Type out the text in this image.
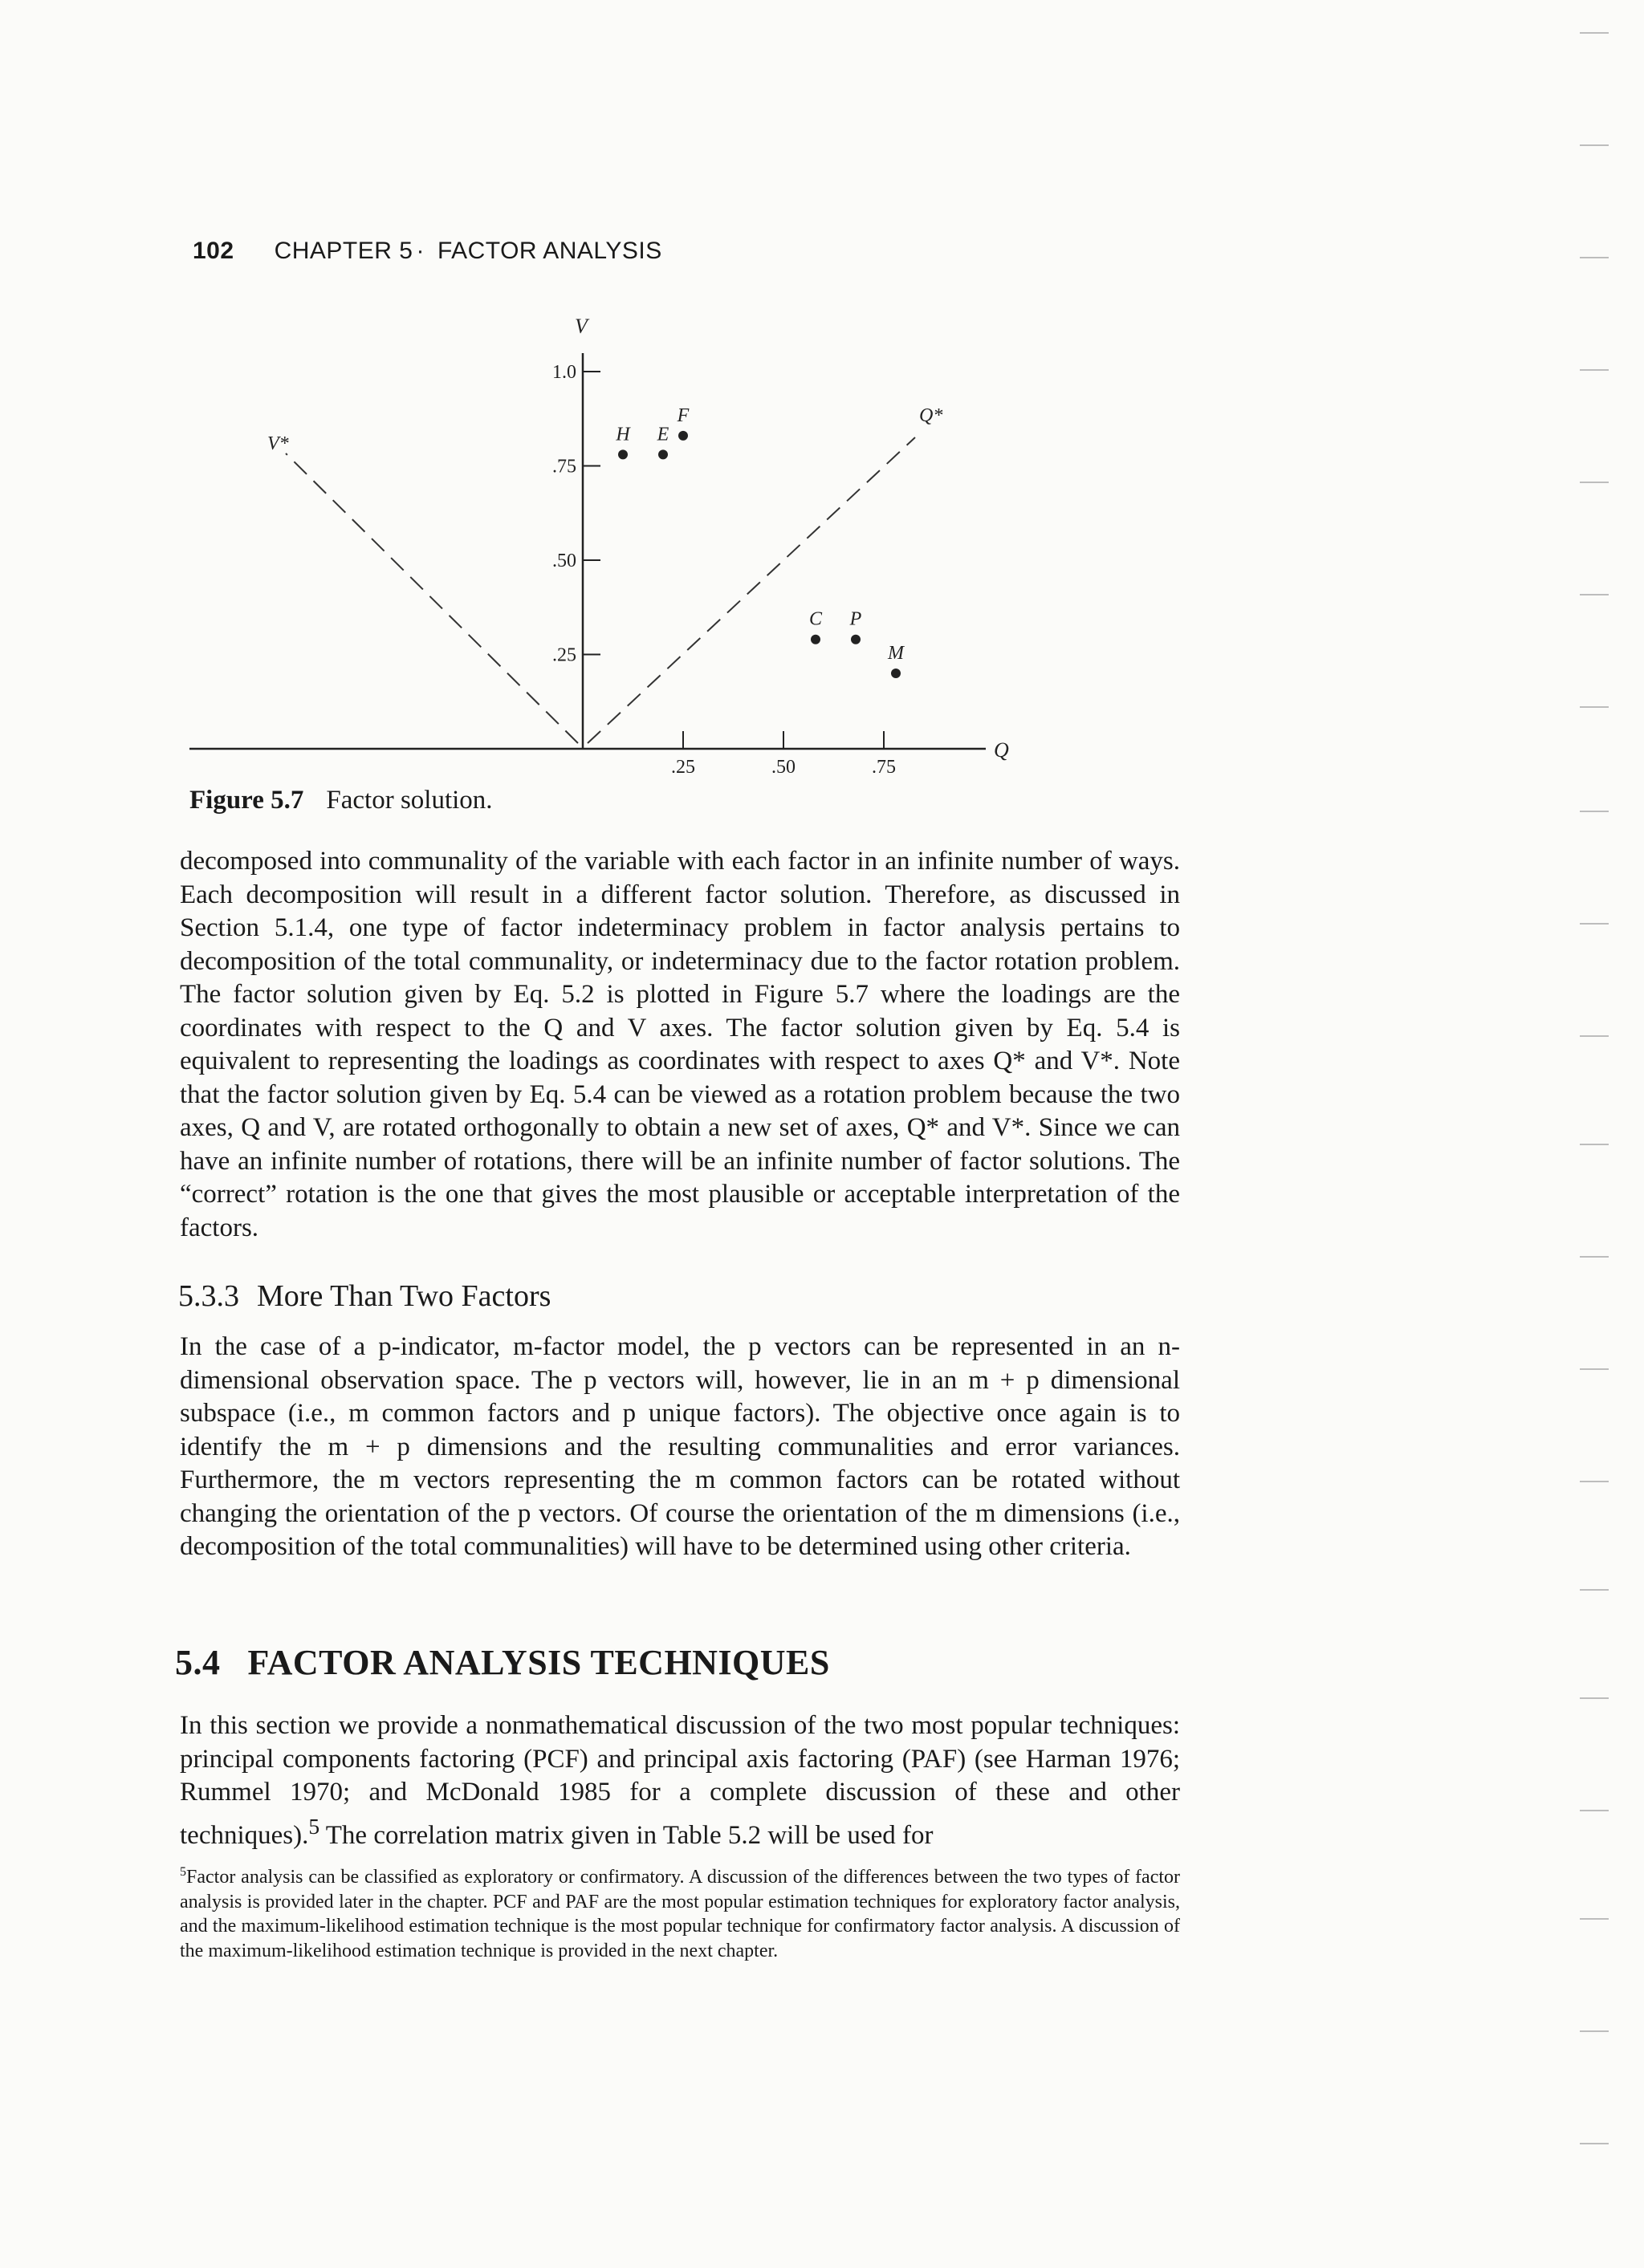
102 CHAPTER 5 · FACTOR ANALYSIS
.25	.50	.75
.25
.50
.75
1.0
Q
V
Q*
V*	H E
F
C P
M
Figure 5.7 Factor solution.

decomposed into communality of the variable with each factor in an infinite number of ways. Each decomposition will result in a different factor solution. Therefore, as discussed in Section 5.1.4, one type of factor indeterminacy problem in factor analysis pertains to decomposition of the total communality, or indeterminacy due to the factor rotation problem. The factor solution given by Eq. 5.2 is plotted in Figure 5.7 where the loadings are the coordinates with respect to the Q and V axes. The factor solution given by Eq. 5.4 is equivalent to representing the loadings as coordinates with respect to axes Q* and V*. Note that the factor solution given by Eq. 5.4 can be viewed as a rotation problem because the two axes, Q and V, are rotated orthogonally to obtain a new set of axes, Q* and V*. Since we can have an infinite number of rotations, there will be an infinite number of factor solutions. The “correct” rotation is the one that gives the most plausible or acceptable interpretation of the factors.

5.3.3 More Than Two Factors

In the case of a p-indicator, m-factor model, the p vectors can be represented in an n-dimensional observation space. The p vectors will, however, lie in an m + p dimensional subspace (i.e., m common factors and p unique factors). The objective once again is to identify the m + p dimensions and the resulting communalities and error variances. Furthermore, the m vectors representing the m common factors can be rotated without changing the orientation of the p vectors. Of course the orientation of the m dimensions (i.e., decomposition of the total communalities) will have to be determined using other criteria.

5.4 FACTOR ANALYSIS TECHNIQUES

In this section we provide a nonmathematical discussion of the two most popular techniques: principal components factoring (PCF) and principal axis factoring (PAF) (see Harman 1976; Rummel 1970; and McDonald 1985 for a complete discussion of these and other techniques).$^5$ The correlation matrix given in Table 5.2 will be used for

$^5$Factor analysis can be classified as exploratory or confirmatory. A discussion of the differences between the two types of factor analysis is provided later in the chapter. PCF and PAF are the most popular estimation techniques for exploratory factor analysis, and the maximum-likelihood estimation technique is the most popular technique for confirmatory factor analysis. A discussion of the maximum-likelihood estimation technique is provided in the next chapter.
